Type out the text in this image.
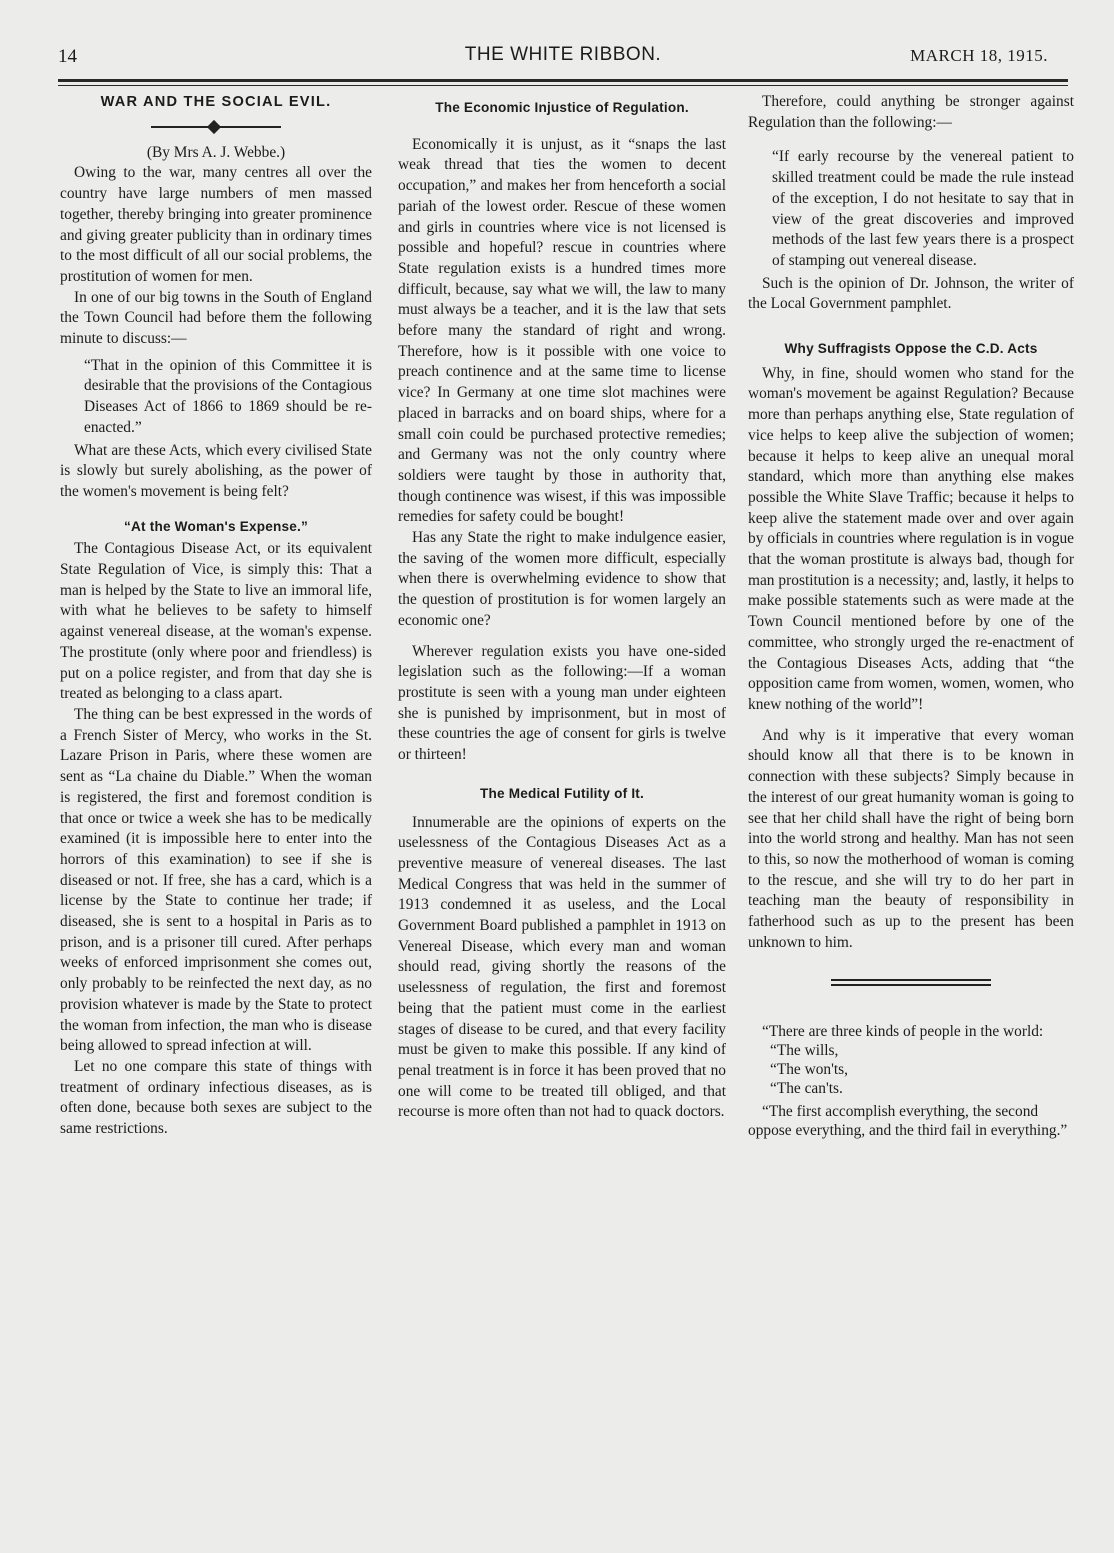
14	THE WHITE RIBBON.	MARCH 18, 1915.
WAR AND THE SOCIAL EVIL.

(By Mrs A. J. Webbe.)

Owing to the war, many centres all over the country have large numbers of men massed together, thereby bringing into greater prominence and giving greater publicity than in ordinary times to the most difficult of all our social problems, the prostitution of women for men.

In one of our big towns in the South of England the Town Council had before them the following minute to discuss:—

“That in the opinion of this Committee it is desirable that the provisions of the Contagious Diseases Act of 1866 to 1869 should be re-enacted.”

What are these Acts, which every civilised State is slowly but surely abolishing, as the power of the women's movement is being felt?

“At the Woman's Expense.”

The Contagious Disease Act, or its equivalent State Regulation of Vice, is simply this: That a man is helped by the State to live an immoral life, with what he believes to be safety to himself against venereal disease, at the woman's expense. The prostitute (only where poor and friendless) is put on a police register, and from that day she is treated as belonging to a class apart.

The thing can be best expressed in the words of a French Sister of Mercy, who works in the St. Lazare Prison in Paris, where these women are sent as “La chaine du Diable.” When the woman is registered, the first and foremost condition is that once or twice a week she has to be medically examined (it is impossible here to enter into the horrors of this examination) to see if she is diseased or not. If free, she has a card, which is a license by the State to continue her trade; if diseased, she is sent to a hospital in Paris as to prison, and is a prisoner till cured. After perhaps weeks of enforced imprisonment she comes out, only probably to be reinfected the next day, as no provision whatever is made by the State to protect the woman from infection, the man who is disease being allowed to spread infection at will.

Let no one compare this state of things with treatment of ordinary infectious diseases, as is often done, because both sexes are subject to the same restrictions.

The Economic Injustice of Regulation.

Economically it is unjust, as it “snaps the last weak thread that ties the women to decent occupation,” and makes her from henceforth a social pariah of the lowest order. Rescue of these women and girls in countries where vice is not licensed is possible and hopeful? rescue in countries where State regulation exists is a hundred times more difficult, because, say what we will, the law to many must always be a teacher, and it is the law that sets before many the standard of right and wrong. Therefore, how is it possible with one voice to preach continence and at the same time to license vice? In Germany at one time slot machines were placed in barracks and on board ships, where for a small coin could be purchased protective remedies; and Germany was not the only country where soldiers were taught by those in authority that, though continence was wisest, if this was impossible remedies for safety could be bought!

Has any State the right to make indulgence easier, the saving of the women more difficult, especially when there is overwhelming evidence to show that the question of prostitution is for women largely an economic one?

Wherever regulation exists you have one-sided legislation such as the following:—If a woman prostitute is seen with a young man under eighteen she is punished by imprisonment, but in most of these countries the age of consent for girls is twelve or thirteen!

The Medical Futility of It.

Innumerable are the opinions of experts on the uselessness of the Contagious Diseases Act as a preventive measure of venereal diseases. The last Medical Congress that was held in the summer of 1913 condemned it as useless, and the Local Government Board published a pamphlet in 1913 on Venereal Disease, which every man and woman should read, giving shortly the reasons of the uselessness of regulation, the first and foremost being that the patient must come in the earliest stages of disease to be cured, and that every facility must be given to make this possible. If any kind of penal treatment is in force it has been proved that no one will come to be treated till obliged, and that recourse is more often than not had to quack doctors.

Therefore, could anything be stronger against Regulation than the following:—

“If early recourse by the venereal patient to skilled treatment could be made the rule instead of the exception, I do not hesitate to say that in view of the great discoveries and improved methods of the last few years there is a prospect of stamping out venereal disease.

Such is the opinion of Dr. Johnson, the writer of the Local Government pamphlet.

Why Suffragists Oppose the C.D. Acts

Why, in fine, should women who stand for the woman's movement be against Regulation? Because more than perhaps anything else, State regulation of vice helps to keep alive the subjection of women; because it helps to keep alive an unequal moral standard, which more than anything else makes possible the White Slave Traffic; because it helps to keep alive the statement made over and over again by officials in countries where regulation is in vogue that the woman prostitute is always bad, though for man prostitution is a necessity; and, lastly, it helps to make possible statements such as were made at the Town Council mentioned before by one of the committee, who strongly urged the re-enactment of the Contagious Diseases Acts, adding that “the opposition came from women, women, women, who knew nothing of the world”!

And why is it imperative that every woman should know all that there is to be known in connection with these subjects? Simply because in the interest of our great humanity woman is going to see that her child shall have the right of being born into the world strong and healthy. Man has not seen to this, so now the motherhood of woman is coming to the rescue, and she will try to do her part in teaching man the beauty of responsibility in fatherhood such as up to the present has been unknown to him.

“There are three kinds of people in the world:

“The wills,

“The won'ts,

“The can'ts.

“The first accomplish everything, the second oppose everything, and the third fail in everything.”
